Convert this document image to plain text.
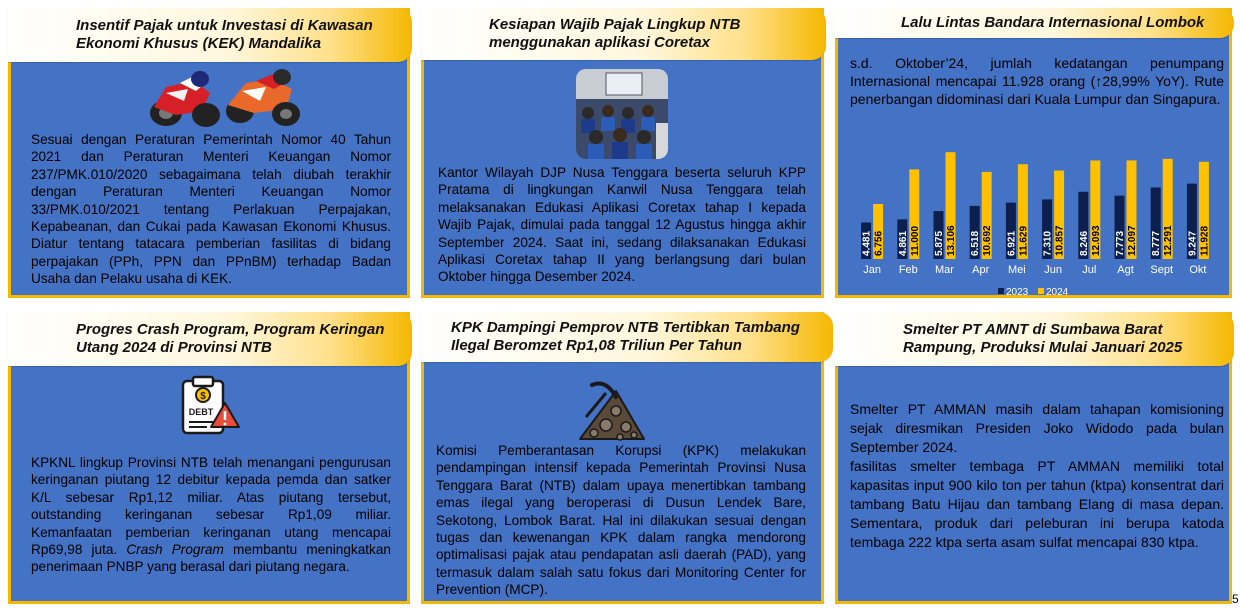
Insentif Pajak untuk Investasi di Kawasan
Ekonomi Khusus (KEK) Mandalika
Sesuai dengan Peraturan Pemerintah Nomor 40 Tahun 2021 dan Peraturan Menteri Keuangan Nomor 237/PMK.010/2020 sebagaimana telah diubah terakhir dengan Peraturan Menteri Keuangan Nomor 33/PMK.010/2021 tentang Perlakuan Perpajakan, Kepabeanan, dan Cukai pada Kawasan Ekonomi Khusus. Diatur tentang tatacara pemberian fasilitas di bidang perpajakan (PPh, PPN dan PPnBM) terhadap Badan Usaha dan Pelaku usaha di KEK.
Kesiapan Wajib Pajak Lingkup NTB
menggunakan aplikasi Coretax
Kantor Wilayah DJP Nusa Tenggara beserta seluruh KPP Pratama di lingkungan Kanwil Nusa Tenggara telah melaksanakan Edukasi Aplikasi Coretax tahap I kepada Wajib Pajak, dimulai pada tanggal 12 Agustus hingga akhir September 2024. Saat ini, sedang dilaksanakan Edukasi Aplikasi Coretax tahap II yang berlangsung dari bulan Oktober hingga Desember 2024.
Lalu Lintas Bandara Internasional Lombok
s.d. Oktober’24, jumlah kedatangan penumpang Internasional mencapai 11.928 orang (↑28,99% YoY). Rute penerbangan didominasi dari Kuala Lumpur dan Singapura.
4.481 6.756
Jan
4.861 11.000
Feb
5.875 13.106
Mar
6.518 10.692
Apr
6.921 11.629
Mei
7.310 10.857
Jun
8.246 12.093
Jul
7.773 12.097
Agt
8.777 12.291
Sept
9.247 11.928
Okt
2023 2024
Progres Crash Program, Program Keringan
Utang 2024 di Provinsi NTB
$
DEBT
KPKNL lingkup Provinsi NTB telah menangani pengurusan keringanan piutang 12 debitur kepada pemda dan satker K/L sebesar Rp1,12 miliar. Atas piutang tersebut, outstanding keringanan sebesar Rp1,09 miliar. Kemanfaatan pemberian keringanan utang mencapai Rp69,98 juta. Crash Program membantu meningkatkan penerimaan PNBP yang berasal dari piutang negara.
KPK Dampingi Pemprov NTB Tertibkan Tambang
Ilegal Beromzet Rp1,08 Triliun Per Tahun
Komisi Pemberantasan Korupsi (KPK) melakukan pendampingan intensif kepada Pemerintah Provinsi Nusa Tenggara Barat (NTB) dalam upaya menertibkan tambang emas ilegal yang beroperasi di Dusun Lendek Bare, Sekotong, Lombok Barat. Hal ini dilakukan sesuai dengan tugas dan kewenangan KPK dalam rangka mendorong optimalisasi pajak atau pendapatan asli daerah (PAD), yang termasuk dalam salah satu fokus dari Monitoring Center for Prevention (MCP).
Smelter PT AMNT di Sumbawa Barat
Rampung, Produksi Mulai Januari 2025

Smelter PT AMMAN masih dalam tahapan komisioning sejak diresmikan Presiden Joko Widodo pada bulan September 2024.

fasilitas smelter tembaga PT AMMAN memiliki total kapasitas input 900 kilo ton per tahun (ktpa) konsentrat dari tambang Batu Hijau dan tambang Elang di masa depan. Sementara, produk dari peleburan ini berupa katoda tembaga 222 ktpa serta asam sulfat mencapai 830 ktpa.

5
